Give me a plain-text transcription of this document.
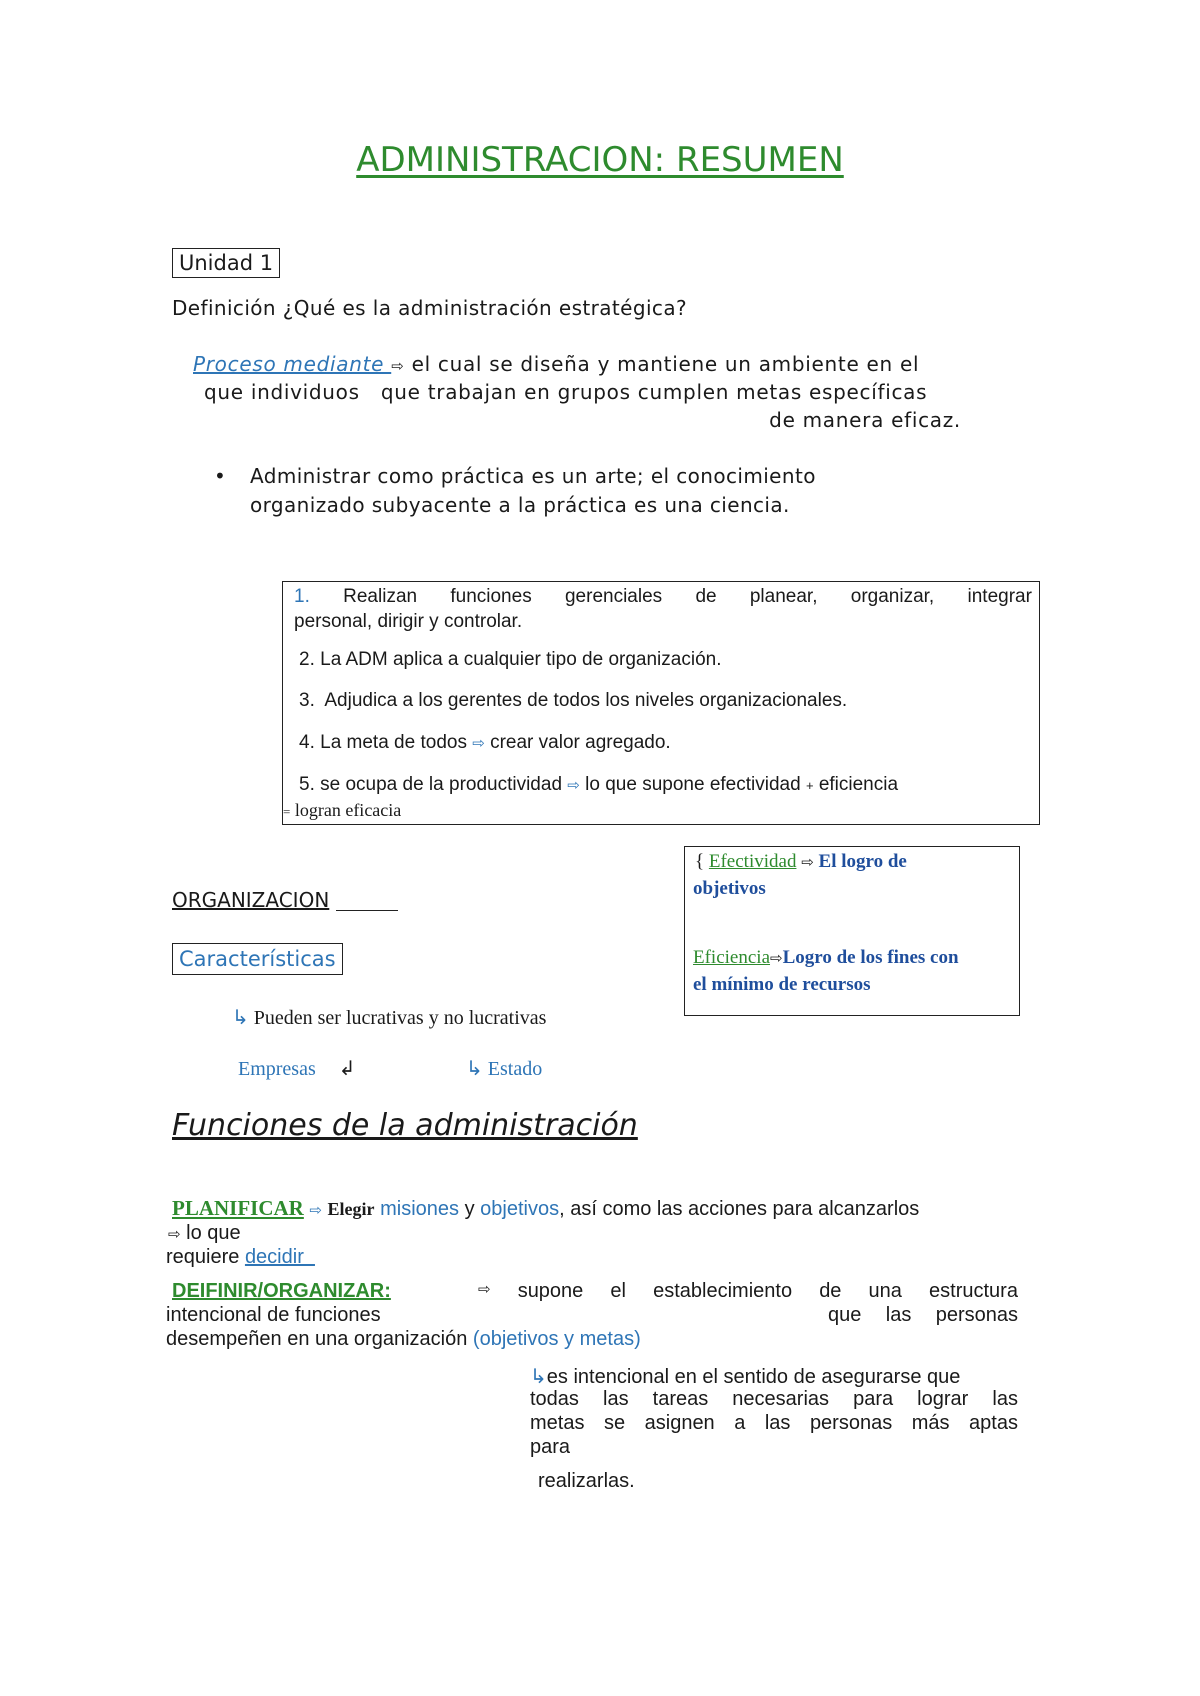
ADMINISTRACION: RESUMEN
Unidad 1
Definición ¿Qué es la administración estratégica?
Proceso mediante ⇨ el cual se diseña y mantiene un ambiente en el
que individuos   que trabajan en grupos cumplen metas específicas
de manera eficaz.
• Administrar como práctica es un arte; el conocimiento
organizado subyacente a la práctica es una ciencia.
1. Realizan funciones gerenciales de planear, organizar, integrar
personal, dirigir y controlar.
2. La ADM aplica a cualquier tipo de organización.
3.  Adjudica a los gerentes de todos los niveles organizacionales.
4. La meta de todos ⇨ crear valor agregado.
5. se ocupa de la productividad ⇨ lo que supone efectividad + eficiencia
= logran eficacia
{ Efectividad ⇨ El logro de
objetivos
Eficiencia⇨Logro de los fines con
el mínimo de recursos
ORGANIZACION
Características
↳ Pueden ser lucrativas y no lucrativas
Empresas ↲	↳ Estado
Funciones de la administración
PLANIFICAR ⇨ Elegir misiones y objetivos, así como las acciones para alcanzarlos
⇨ lo que
requiere decidir
DEIFINIR/ORGANIZAR:	⇨ supone el establecimiento de una estructura
intencional de funciones	que las personas
desempeñen en una organización (objetivos y metas)
↳es intencional en el sentido de asegurarse que
todas las tareas necesarias para lograr las
metas se asignen a las personas más aptas
para
realizarlas.
